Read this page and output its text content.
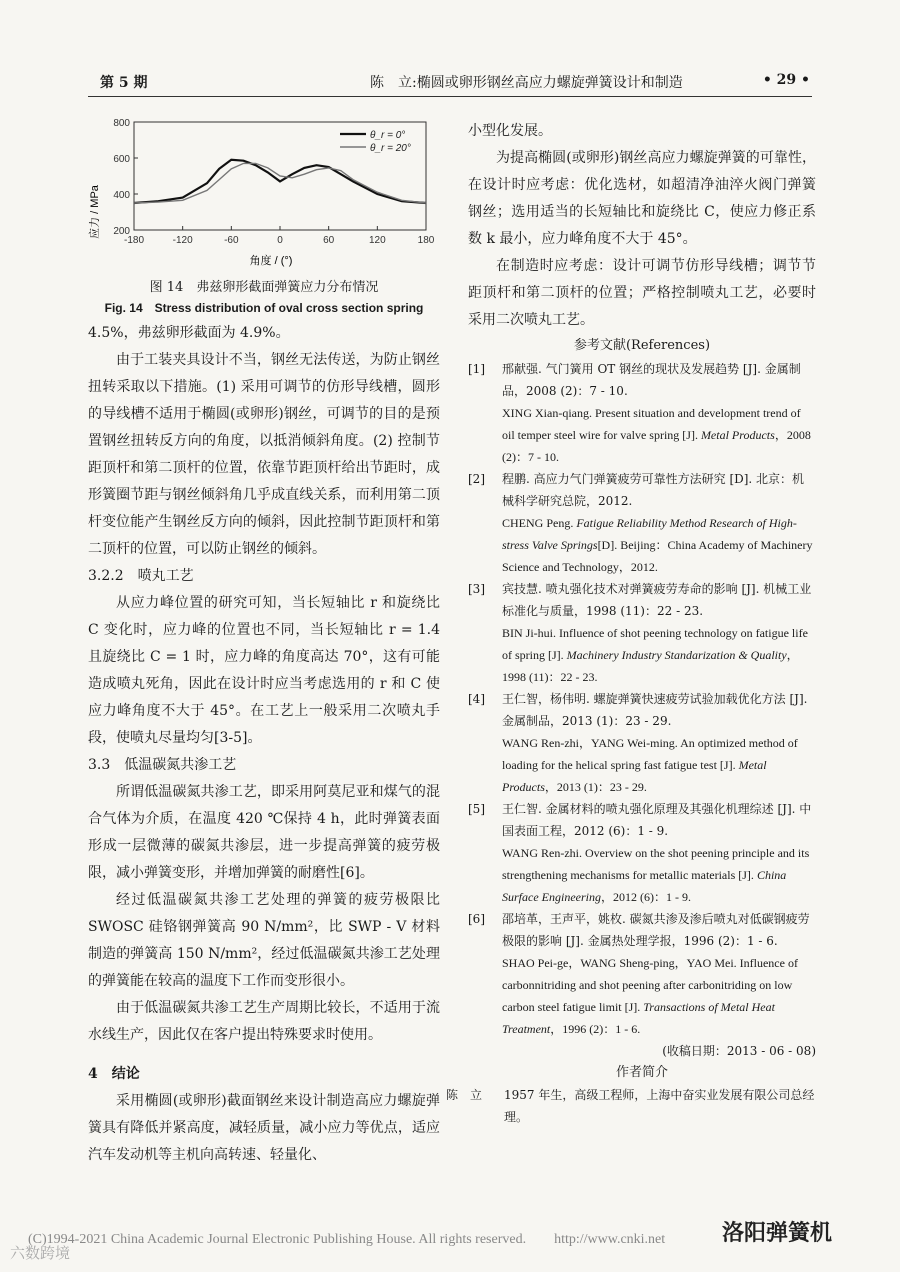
第 5 期	陈　立:椭圆或卵形钢丝高应力螺旋弹簧设计和制造	• 29 •
应力 / MPa
角度 / (°)
-180	-120	-60	0	60	120	180
200
400
600
800
θ_r = 0°
θ_r = 20°
图 14　弗兹卵形截面弹簧应力分布情况
Fig. 14　Stress distribution of oval cross section spring

4.5%，弗兹卵形截面为 4.9%。

由于工装夹具设计不当，钢丝无法传送，为防止钢丝扭转采取以下措施。(1) 采用可调节的仿形导线槽，圆形的导线槽不适用于椭圆(或卵形)钢丝，可调节的目的是预置钢丝扭转反方向的角度，以抵消倾斜角度。(2) 控制节距顶杆和第二顶杆的位置，依靠节距顶杆给出节距时，成形簧圈节距与钢丝倾斜角几乎成直线关系，而利用第二顶杆变位能产生钢丝反方向的倾斜，因此控制节距顶杆和第二顶杆的位置，可以防止钢丝的倾斜。

3.2.2　喷丸工艺

从应力峰位置的研究可知，当长短轴比 r 和旋绕比 C 变化时，应力峰的位置也不同，当长短轴比 r = 1.4 且旋绕比 C = 1 时，应力峰的角度高达 70°，这有可能造成喷丸死角，因此在设计时应当考虑选用的 r 和 C 使应力峰角度不大于 45°。在工艺上一般采用二次喷丸手段，使喷丸尽量均匀[3-5]。

3.3　低温碳氮共渗工艺

所谓低温碳氮共渗工艺，即采用阿莫尼亚和煤气的混合气体为介质，在温度 420 ℃保持 4 h，此时弹簧表面形成一层微薄的碳氮共渗层，进一步提高弹簧的疲劳极限，减小弹簧变形，并增加弹簧的耐磨性[6]。

经过低温碳氮共渗工艺处理的弹簧的疲劳极限比 SWOSC 硅铬钢弹簧高 90 N/mm²，比 SWP - V 材料制造的弹簧高 150 N/mm²，经过低温碳氮共渗工艺处理的弹簧能在较高的温度下工作而变形很小。

由于低温碳氮共渗工艺生产周期比较长，不适用于流水线生产，因此仅在客户提出特殊要求时使用。

4　结论

采用椭圆(或卵形)截面钢丝来设计制造高应力螺旋弹簧具有降低并紧高度，减轻质量，减小应力等优点，适应汽车发动机等主机向高转速、轻量化、

小型化发展。

为提高椭圆(或卵形)钢丝高应力螺旋弹簧的可靠性，在设计时应考虑：优化选材，如超清净油淬火阀门弹簧钢丝；选用适当的长短轴比和旋绕比 C，使应力修正系数 k 最小，应力峰角度不大于 45°。

在制造时应考虑：设计可调节仿形导线槽；调节节距顶杆和第二顶杆的位置；严格控制喷丸工艺，必要时采用二次喷丸工艺。

参考文献(References)
[1]	邢献强. 气门簧用 OT 钢丝的现状及发展趋势 [J]. 金属制品，2008 (2)：7 - 10.
XING Xian-qiang. Present situation and development trend of oil temper steel wire for valve spring [J]. Metal Products，2008 (2)：7 - 10.
[2]	程鹏. 高应力气门弹簧疲劳可靠性方法研究 [D]. 北京：机械科学研究总院，2012.
CHENG Peng. Fatigue Reliability Method Research of High-stress Valve Springs[D]. Beijing：China Academy of Machinery Science and Technology，2012.
[3]	宾技慧. 喷丸强化技术对弹簧疲劳寿命的影响 [J]. 机械工业标准化与质量，1998 (11)：22 - 23.
BIN Ji-hui. Influence of shot peening technology on fatigue life of spring [J]. Machinery Industry Standarization & Quality，1998 (11)：22 - 23.
[4]	王仁智，杨伟明. 螺旋弹簧快速疲劳试验加载优化方法 [J]. 金属制品，2013 (1)：23 - 29.
WANG Ren-zhi，YANG Wei-ming. An optimized method of loading for the helical spring fast fatigue test [J]. Metal Products，2013 (1)：23 - 29.
[5]	王仁智. 金属材料的喷丸强化原理及其强化机理综述 [J]. 中国表面工程，2012 (6)：1 - 9.
WANG Ren-zhi. Overview on the shot peening principle and its strengthening mechanisms for metallic materials [J]. China Surface Engineering，2012 (6)：1 - 9.
[6]	邵培革，王声平，姚枚. 碳氮共渗及渗后喷丸对低碳钢疲劳极限的影响 [J]. 金属热处理学报，1996 (2)：1 - 6.
SHAO Pei-ge，WANG Sheng-ping，YAO Mei. Influence of carbonnitriding and shot peening after carbonitriding on low carbon steel fatigue limit [J]. Transactions of Metal Heat Treatment，1996 (2)：1 - 6.
(收稿日期：2013 - 06 - 08)
作者简介
陈　立	1957 年生，高级工程师，上海中奋实业发展有限公司总经理。
(C)1994-2021 China Academic Journal Electronic Publishing House. All rights reserved.　　http://www.cnki.net	洛阳弹簧机
六数跨境
